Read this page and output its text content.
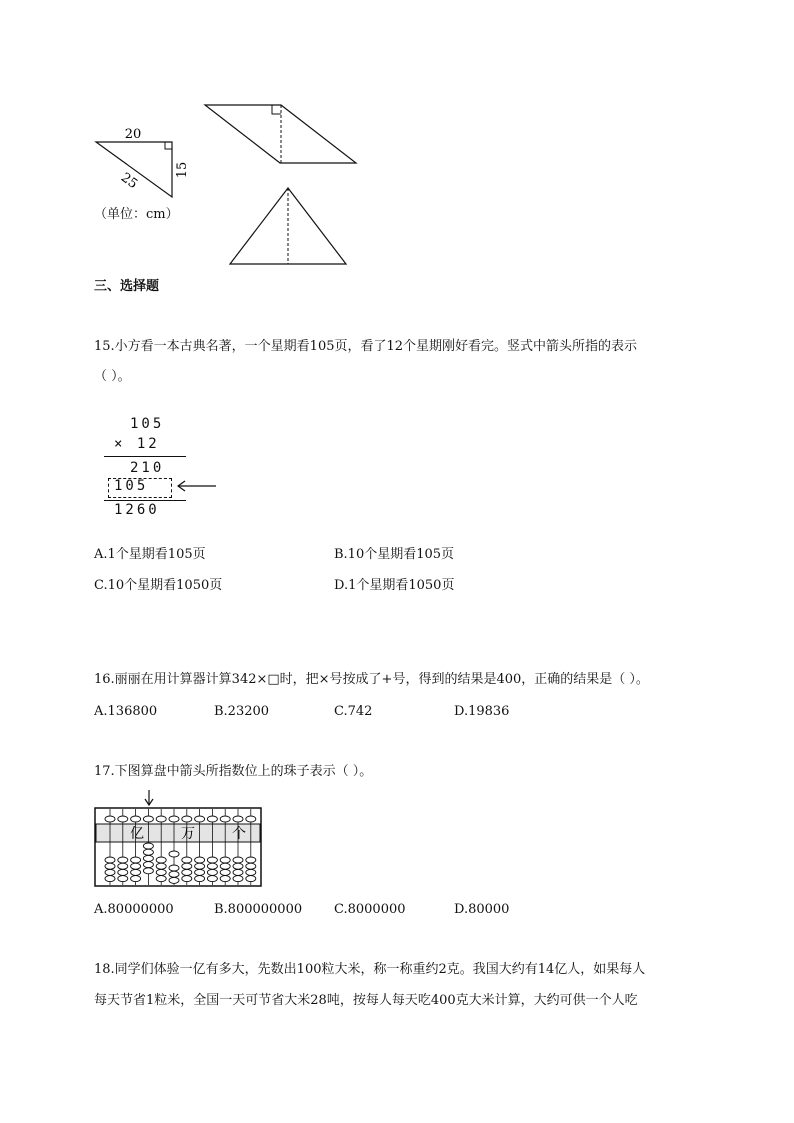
20
15
25
（单位：cm）
三、选择题
15.小方看一本古典名著，一个星期看105页，看了12个星期刚好看完。竖式中箭头所指的表示
（ ）。
105
× 12
210
105
1260
A.1个星期看105页	B.10个星期看105页
C.10个星期看1050页	D.1个星期看1050页
16.丽丽在用计算器计算342×□时，把×号按成了+号，得到的结果是400，正确的结果是（ ）。
A.136800	B.23200	C.742	D.19836
17.下图算盘中箭头所指数位上的珠子表示（ ）。
亿	万	个
A.80000000	B.800000000 C.8000000	D.80000
18.同学们体验一亿有多大，先数出100粒大米，称一称重约2克。我国大约有14亿人，如果每人
每天节省1粒米，全国一天可节省大米28吨，按每人每天吃400克大米计算，大约可供一个人吃
